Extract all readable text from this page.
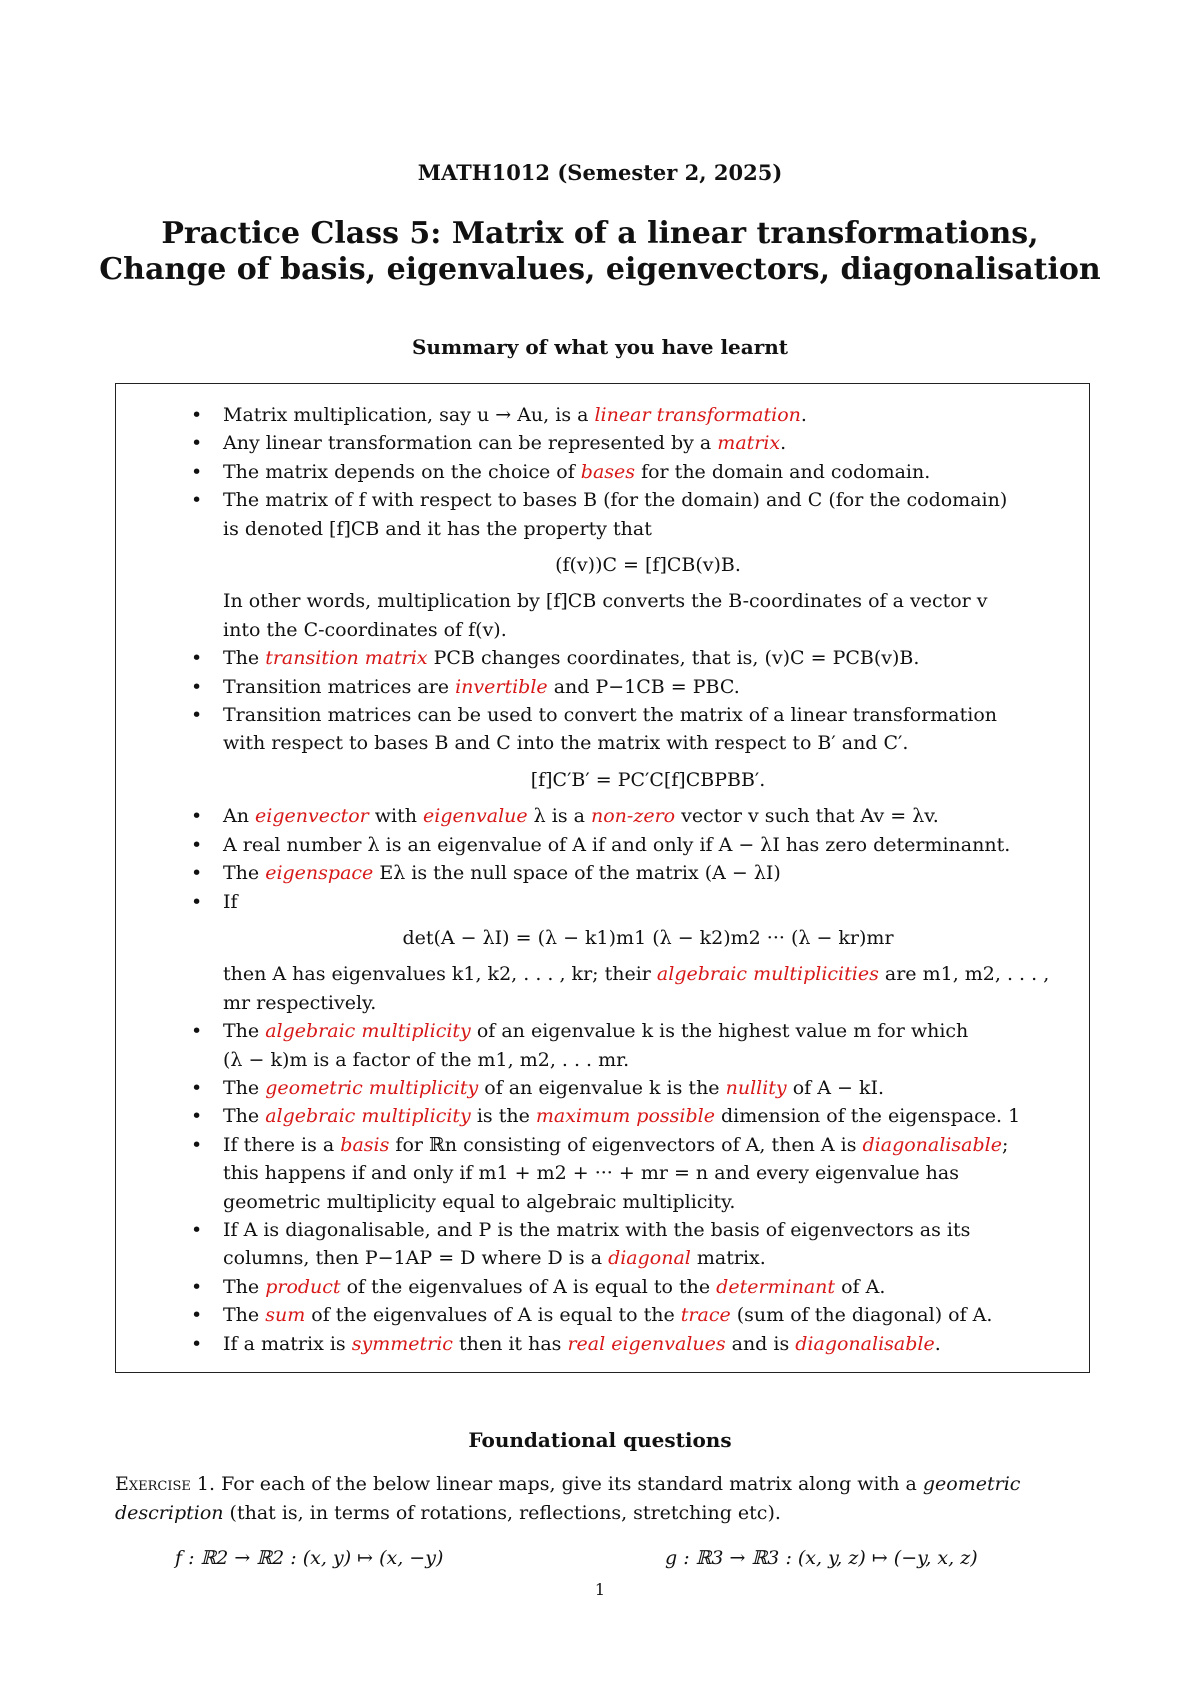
MATH1012 (Semester 2, 2025)
Practice Class 5: Matrix of a linear transformations,
Change of basis, eigenvalues, eigenvectors, diagonalisation
Summary of what you have learnt
• Matrix multiplication, say u → Au, is a linear transformation.
• Any linear transformation can be represented by a matrix.
• The matrix depends on the choice of bases for the domain and codomain.
• The matrix of f with respect to bases B (for the domain) and C (for the codomain)
is denoted [f]CB and it has the property that
(f(v))C = [f]CB(v)B.
In other words, multiplication by [f]CB converts the B-coordinates of a vector v
into the C-coordinates of f(v).
• The transition matrix PCB changes coordinates, that is, (v)C = PCB(v)B.
• Transition matrices are invertible and P−1CB = PBC.
• Transition matrices can be used to convert the matrix of a linear transformation
with respect to bases B and C into the matrix with respect to B′ and C′.
[f]C′B′ = PC′C[f]CBPBB′.
• An eigenvector with eigenvalue λ is a non-zero vector v such that Av = λv.
• A real number λ is an eigenvalue of A if and only if A − λI has zero determinannt.
• The eigenspace Eλ is the null space of the matrix (A − λI)
• If
det(A − λI) = (λ − k1)m1 (λ − k2)m2 ··· (λ − kr)mr
then A has eigenvalues k1, k2, . . . , kr; their algebraic multiplicities are m1, m2, . . . ,
mr respectively.
• The algebraic multiplicity of an eigenvalue k is the highest value m for which
(λ − k)m is a factor of the m1, m2, . . . mr.
• The geometric multiplicity of an eigenvalue k is the nullity of A − kI.
• The algebraic multiplicity is the maximum possible dimension of the eigenspace. 1
• If there is a basis for ℝn consisting of eigenvectors of A, then A is diagonalisable;
this happens if and only if m1 + m2 + ··· + mr = n and every eigenvalue has
geometric multiplicity equal to algebraic multiplicity.
• If A is diagonalisable, and P is the matrix with the basis of eigenvectors as its
columns, then P−1AP = D where D is a diagonal matrix.
• The product of the eigenvalues of A is equal to the determinant of A.
• The sum of the eigenvalues of A is equal to the trace (sum of the diagonal) of A.
• If a matrix is symmetric then it has real eigenvalues and is diagonalisable.
Foundational questions
Exercise 1. For each of the below linear maps, give its standard matrix along with a geometric
description (that is, in terms of rotations, reflections, stretching etc).
f : ℝ2 → ℝ2 : (x, y) ↦ (x, −y)	g : ℝ3 → ℝ3 : (x, y, z) ↦ (−y, x, z)
1
